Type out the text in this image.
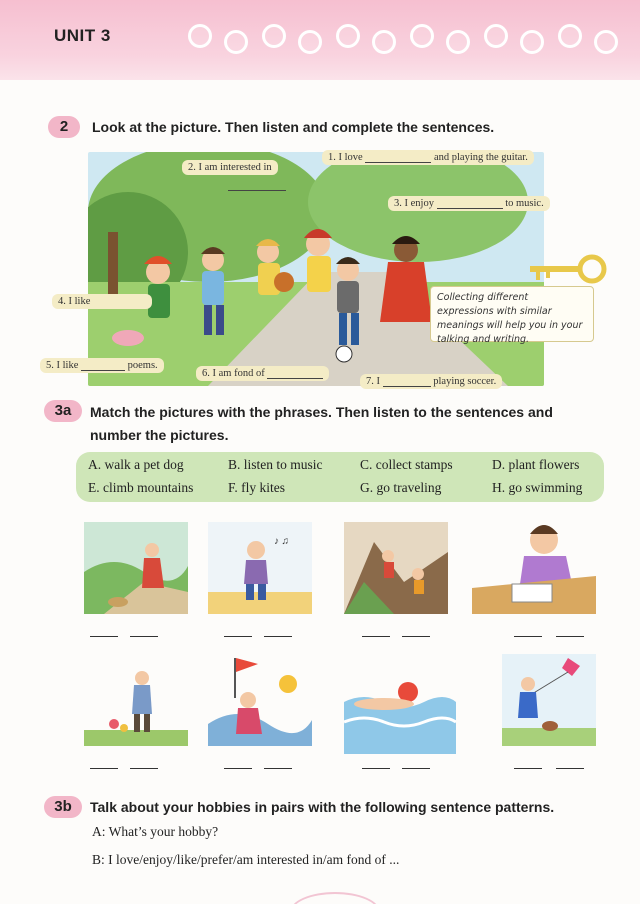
UNIT 3
2	Look at the picture. Then listen and complete the sentences.
2. I am interested in
1. I love	and playing the guitar.
3. I enjoy	to music.
4. I like
5. I like	poems.
6. I am fond of
7. I	playing soccer.
Collecting different expressions with similar meanings will help you in your talking and writing.
3a	Match the pictures with the phrases. Then listen to the sentences and
number the pictures.
A. walk a pet dog	B. listen to music	C. collect stamps	D. plant flowers
E. climb mountains	F. fly kites	G. go traveling	H. go swimming
♪ ♫
3b	Talk about your hobbies in pairs with the following sentence patterns.
A: What’s your hobby?
B: I love/enjoy/like/prefer/am interested in/am fond of ...
